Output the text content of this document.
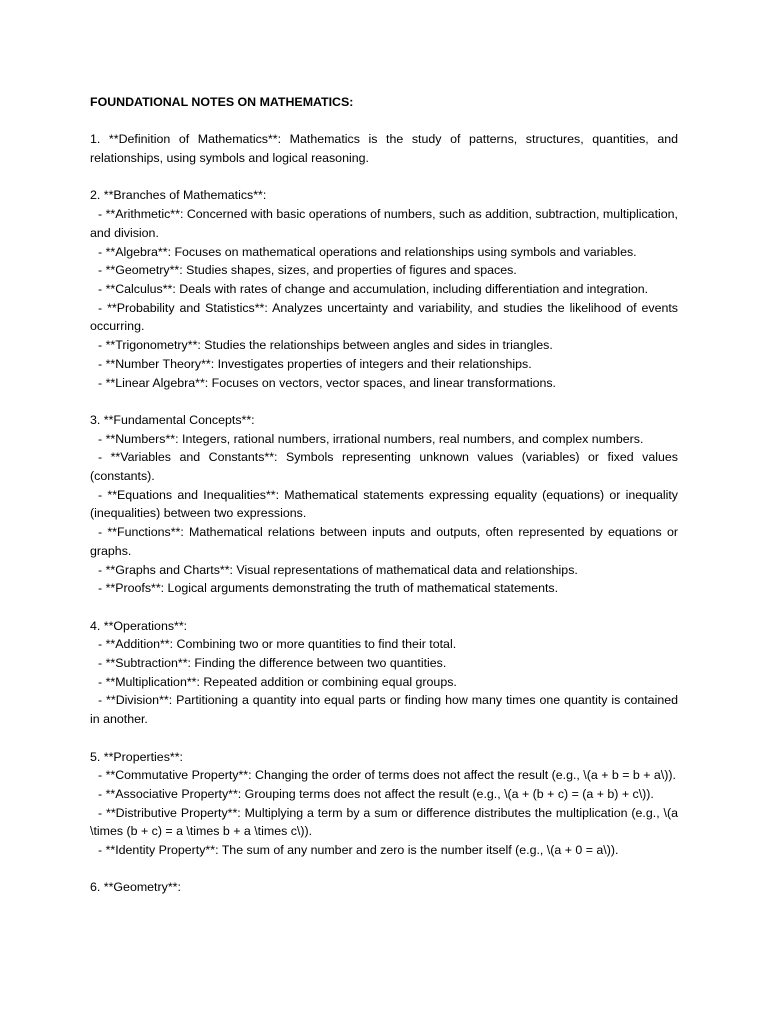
FOUNDATIONAL NOTES ON MATHEMATICS:
1. **Definition of Mathematics**: Mathematics is the study of patterns, structures, quantities, and relationships, using symbols and logical reasoning.
2. **Branches of Mathematics**:
- **Arithmetic**: Concerned with basic operations of numbers, such as addition, subtraction, multiplication, and division.
- **Algebra**: Focuses on mathematical operations and relationships using symbols and variables.
- **Geometry**: Studies shapes, sizes, and properties of figures and spaces.
- **Calculus**: Deals with rates of change and accumulation, including differentiation and integration.
- **Probability and Statistics**: Analyzes uncertainty and variability, and studies the likelihood of events occurring.
- **Trigonometry**: Studies the relationships between angles and sides in triangles.
- **Number Theory**: Investigates properties of integers and their relationships.
- **Linear Algebra**: Focuses on vectors, vector spaces, and linear transformations.
3. **Fundamental Concepts**:
- **Numbers**: Integers, rational numbers, irrational numbers, real numbers, and complex numbers.
- **Variables and Constants**: Symbols representing unknown values (variables) or fixed values (constants).
- **Equations and Inequalities**: Mathematical statements expressing equality (equations) or inequality (inequalities) between two expressions.
- **Functions**: Mathematical relations between inputs and outputs, often represented by equations or graphs.
- **Graphs and Charts**: Visual representations of mathematical data and relationships.
- **Proofs**: Logical arguments demonstrating the truth of mathematical statements.
4. **Operations**:
- **Addition**: Combining two or more quantities to find their total.
- **Subtraction**: Finding the difference between two quantities.
- **Multiplication**: Repeated addition or combining equal groups.
- **Division**: Partitioning a quantity into equal parts or finding how many times one quantity is contained in another.
5. **Properties**:
- **Commutative Property**: Changing the order of terms does not affect the result (e.g., \(a + b = b + a\)).
- **Associative Property**: Grouping terms does not affect the result (e.g., \(a + (b + c) = (a + b) + c\)).
- **Distributive Property**: Multiplying a term by a sum or difference distributes the multiplication (e.g., \(a \times (b + c) = a \times b + a \times c\)).
- **Identity Property**: The sum of any number and zero is the number itself (e.g., \(a + 0 = a\)).
6. **Geometry**:
